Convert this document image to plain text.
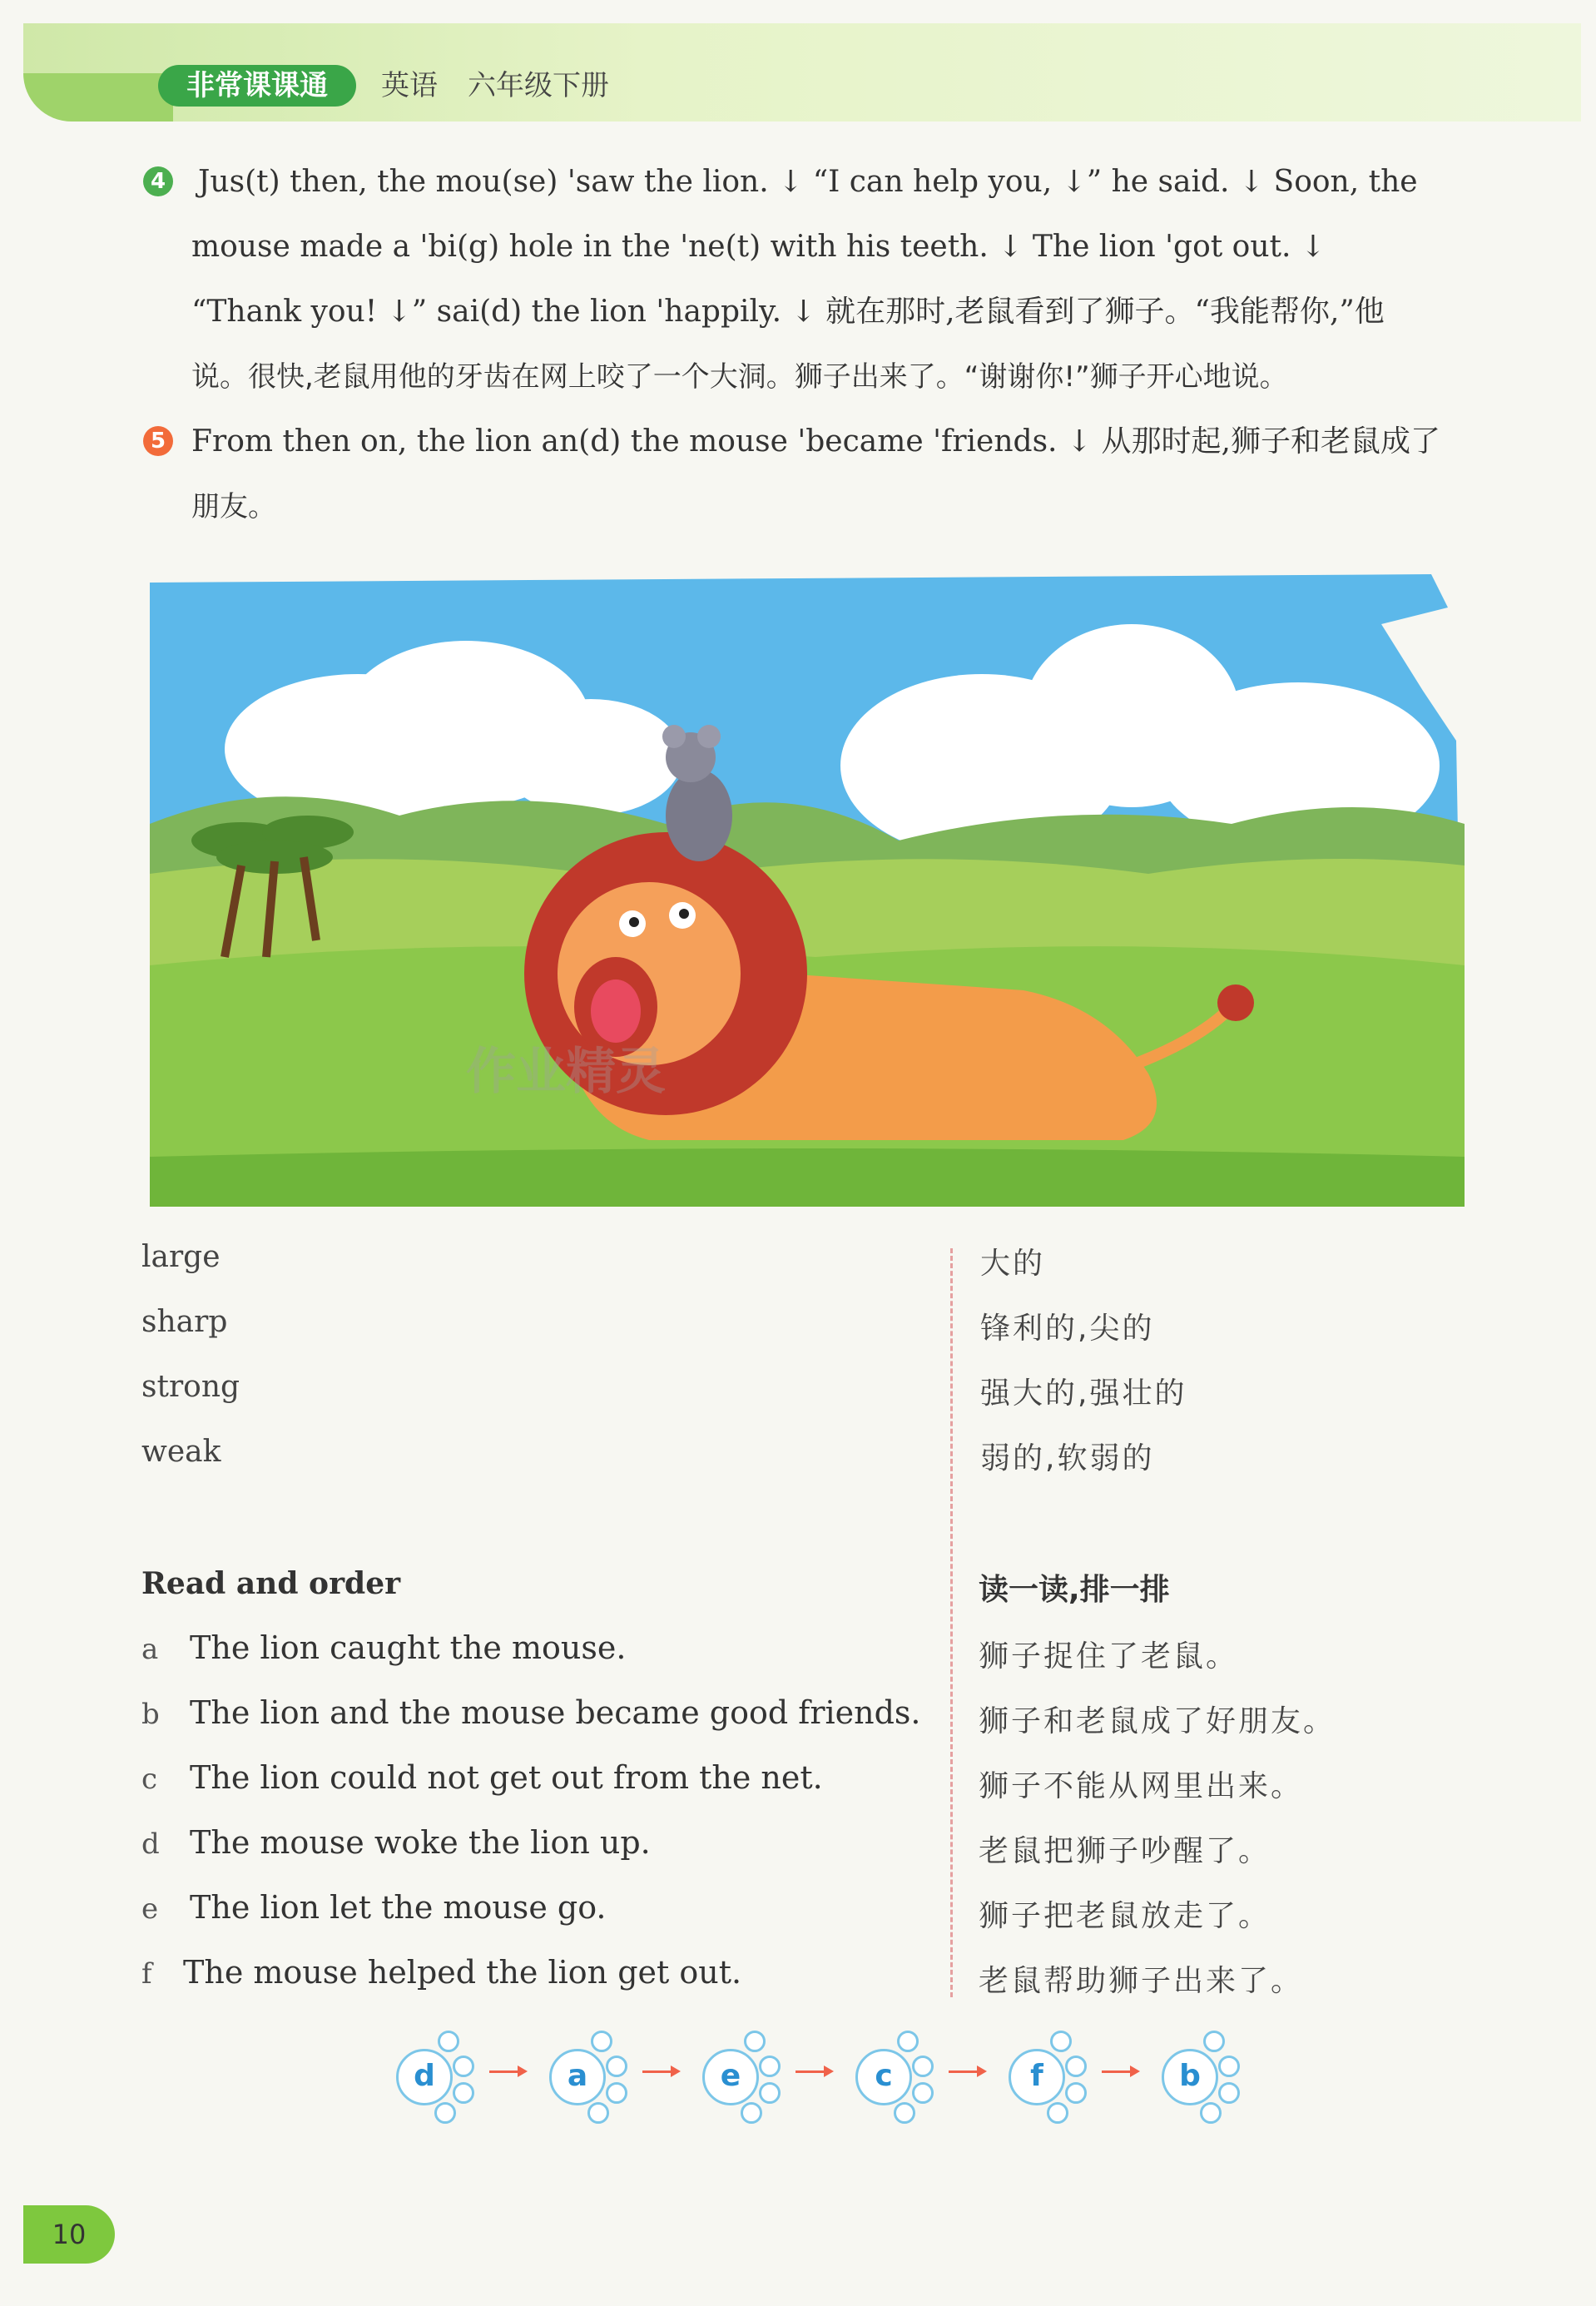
非常课课通	英语 六年级下册
4 Jus(t) then, the mou(se) 'saw the lion. ↓ “I can help you, ↓” he said. ↓ Soon, the
mouse made a 'bi(g) hole in the 'ne(t) with his teeth. ↓ The lion 'got out. ↓
“Thank you! ↓” sai(d) the lion 'happily. ↓ 就在那时,老鼠看到了狮子。“我能帮你,”他
说。很快,老鼠用他的牙齿在网上咬了一个大洞。狮子出来了。“谢谢你!”狮子开心地说。
5 From then on, the lion an(d) the mouse 'became 'friends. ↓ 从那时起,狮子和老鼠成了
朋友。
作业精灵
large	大的
sharp	锋利的,尖的
strong	强大的,强壮的
weak	弱的,软弱的
Read and order	读一读,排一排
a The lion caught the mouse.	狮子捉住了老鼠。
b The lion and the mouse became good friends. 狮子和老鼠成了好朋友。
c The lion could not get out from the net.	狮子不能从网里出来。
d The mouse woke the lion up.	老鼠把狮子吵醒了。
e The lion let the mouse go.	狮子把老鼠放走了。
f The mouse helped the lion get out.	老鼠帮助狮子出来了。
d	a	e	c	f	b
10
